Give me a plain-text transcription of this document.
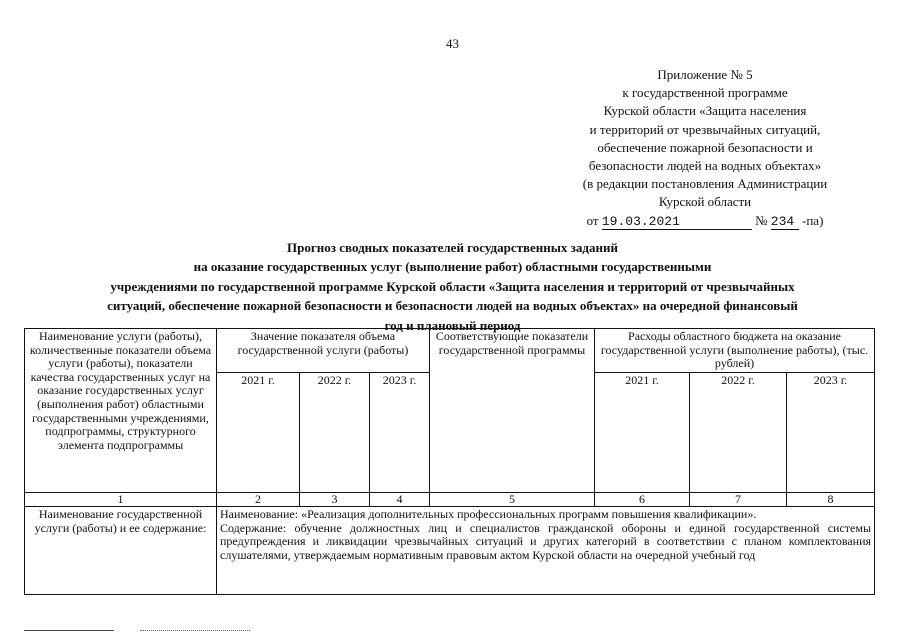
43
Приложение № 5
к государственной программе
Курской области «Защита населения
и территорий от чрезвычайных ситуаций,
обеспечение пожарной безопасности и
безопасности людей на водных объектах»
(в редакции постановления Администрации
Курской области
от 19.03.2021	№ 234 -па)
Прогноз сводных показателей государственных заданий
на оказание государственных услуг (выполнение работ) областными государственными
учреждениями по государственной программе Курской области «Защита населения и территорий от чрезвычайных
ситуаций, обеспечение пожарной безопасности и безопасности людей на водных объектах» на очередной финансовый
год и плановый период
Наименование услуги (работы), количественные показатели объема услуги (работы), показатели качества государственных услуг на оказание государственных услуг (выполнения работ) областными государственными учреждениями, подпрограммы, структурного элемента подпрограммы	Значение показателя объема государственной услуги (работы)			Соответствующие показатели государственной программы	Расходы областного бюджета на оказание государственной услуги (выполнение работы), (тыс. рублей)		
	2021 г.	2022 г.	2023 г.		2021 г.	2022 г.	2023 г.
1	2	3	4	5	6	7	8
Наименование государственной услуги (работы) и ее содержание:	Наименование: «Реализация дополнительных профессиональных программ повышения квалификации».
Содержание: обучение должностных лиц и специалистов гражданской обороны и единой государственной системы предупреждения и ликвидации чрезвычайных ситуаций и других категорий в соответствии с планом комплектования слушателями, утверждаемым нормативным правовым актом Курской области на очередной учебный год						
